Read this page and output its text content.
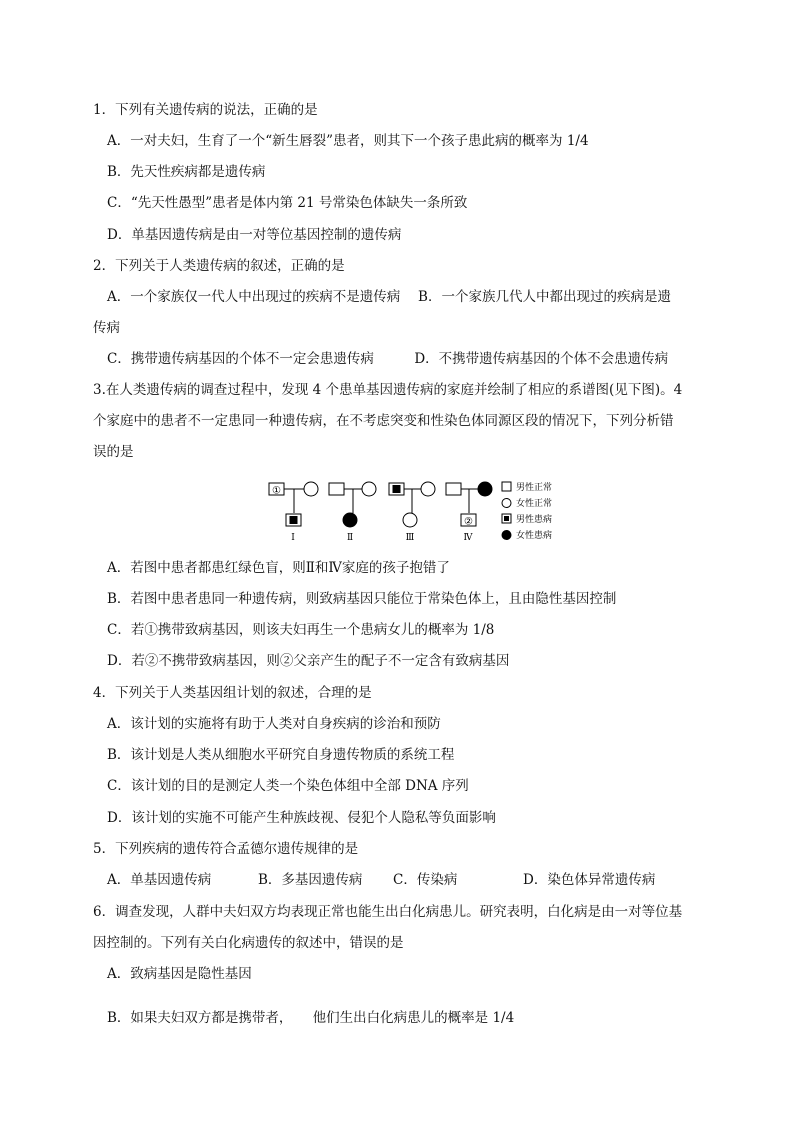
1．下列有关遗传病的说法，正确的是
A．一对夫妇，生育了一个“新生唇裂”患者，则其下一个孩子患此病的概率为 1/4
B．先天性疾病都是遗传病
C．“先天性愚型”患者是体内第 21 号常染色体缺失一条所致
D．单基因遗传病是由一对等位基因控制的遗传病
2．下列关于人类遗传病的叙述，正确的是
A．一个家族仅一代人中出现过的疾病不是遗传病　 B．一个家族几代人中都出现过的疾病是遗
传病
C．携带遗传病基因的个体不一定会患遗传病　　　D．不携带遗传病基因的个体不会患遗传病
3.在人类遗传病的调查过程中，发现 4 个患单基因遗传病的家庭并绘制了相应的系谱图(见下图)。4
个家庭中的患者不一定患同一种遗传病，在不考虑突变和性染色体同源区段的情况下，下列分析错
误的是
①
②
Ⅰ	Ⅱ	Ⅲ	Ⅳ
男性正常
女性正常
男性患病
女性患病
A．若图中患者都患红绿色盲，则Ⅱ和Ⅳ家庭的孩子抱错了
B．若图中患者患同一种遗传病，则致病基因只能位于常染色体上，且由隐性基因控制
C．若①携带致病基因，则该夫妇再生一个患病女儿的概率为 1/8
D．若②不携带致病基因，则②父亲产生的配子不一定含有致病基因
4．下列关于人类基因组计划的叙述，合理的是
A．该计划的实施将有助于人类对自身疾病的诊治和预防
B．该计划是人类从细胞水平研究自身遗传物质的系统工程
C．该计划的目的是测定人类一个染色体组中全部 DNA 序列
D．该计划的实施不可能产生种族歧视、侵犯个人隐私等负面影响
5．下列疾病的遗传符合孟德尔遗传规律的是
A．单基因遗传病	B．多基因遗传病 C．传染病	D．染色体异常遗传病
6．调查发现，人群中夫妇双方均表现正常也能生出白化病患儿。研究表明，白化病是由一对等位基
因控制的。下列有关白化病遗传的叙述中，错误的是
A．致病基因是隐性基因
B．如果夫妇双方都是携带者，　　他们生出白化病患儿的概率是 1/4
